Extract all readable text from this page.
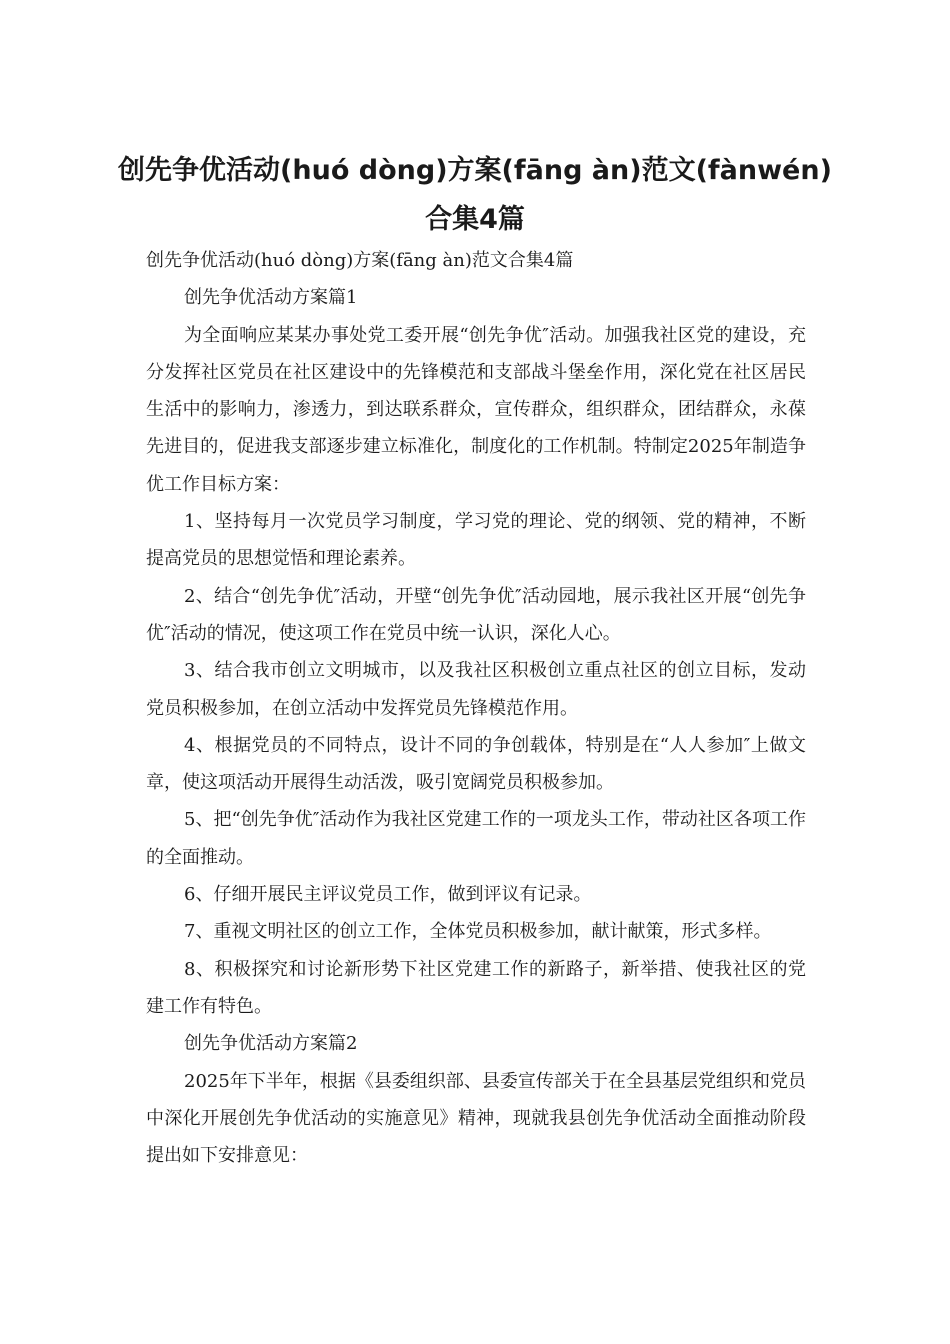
创先争优活动(huó dòng)方案(fāng àn)范文(fànwén)合集4篇

创先争优活动(huó dòng)方案(fāng àn)范文合集4篇

创先争优活动方案篇1

为全面响应某某办事处党工委开展“创先争优″活动。加强我社区党的建设，充分发挥社区党员在社区建设中的先锋模范和支部战斗堡垒作用，深化党在社区居民生活中的影响力，渗透力，到达联系群众，宣传群众，组织群众，团结群众，永葆先进目的，促进我支部逐步建立标准化，制度化的工作机制。特制定2025年制造争优工作目标方案：

1、坚持每月一次党员学习制度，学习党的理论、党的纲领、党的精神，不断提高党员的思想觉悟和理论素养。

2、结合“创先争优″活动，开壁“创先争优″活动园地，展示我社区开展“创先争优″活动的情况，使这项工作在党员中统一认识，深化人心。

3、结合我市创立文明城市，以及我社区积极创立重点社区的创立目标，发动党员积极参加，在创立活动中发挥党员先锋模范作用。

4、根据党员的不同特点，设计不同的争创载体，特别是在“人人参加″上做文章，使这项活动开展得生动活泼，吸引宽阔党员积极参加。

5、把“创先争优″活动作为我社区党建工作的一项龙头工作，带动社区各项工作的全面推动。

6、仔细开展民主评议党员工作，做到评议有记录。

7、重视文明社区的创立工作，全体党员积极参加，献计献策，形式多样。

8、积极探究和讨论新形势下社区党建工作的新路子，新举措、使我社区的党建工作有特色。

创先争优活动方案篇2

2025年下半年，根据《县委组织部、县委宣传部关于在全县基层党组织和党员中深化开展创先争优活动的实施意见》精神，现就我县创先争优活动全面推动阶段提出如下安排意见：
